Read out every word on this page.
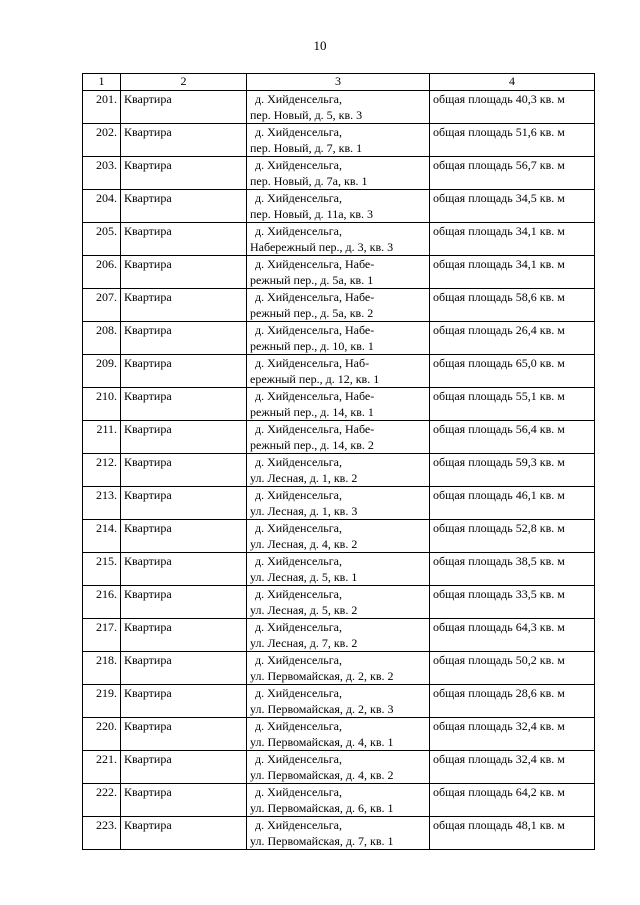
10
1	2	3	4
201.	Квартира	д. Хийденсельга,
пер. Новый, д. 5, кв. 3	общая площадь 40,3 кв. м
202.	Квартира	д. Хийденсельга,
пер. Новый, д. 7, кв. 1	общая площадь 51,6 кв. м
203.	Квартира	д. Хийденсельга,
пер. Новый, д. 7а, кв. 1	общая площадь 56,7 кв. м
204.	Квартира	д. Хийденсельга,
пер. Новый, д. 11а, кв. 3	общая площадь 34,5 кв. м
205.	Квартира	д. Хийденсельга,
Набережный пер., д. 3, кв. 3	общая площадь 34,1 кв. м
206.	Квартира	д. Хийденсельга, Набе-
режный пер., д. 5а, кв. 1	общая площадь 34,1 кв. м
207.	Квартира	д. Хийденсельга, Набе-
режный пер., д. 5а, кв. 2	общая площадь 58,6 кв. м
208.	Квартира	д. Хийденсельга, Набе-
режный пер., д. 10, кв. 1	общая площадь 26,4 кв. м
209.	Квартира	д. Хийденсельга, Наб-
ережный пер., д. 12, кв. 1	общая площадь 65,0 кв. м
210.	Квартира	д. Хийденсельга, Набе-
режный пер., д. 14, кв. 1	общая площадь 55,1 кв. м
211.	Квартира	д. Хийденсельга, Набе-
режный пер., д. 14, кв. 2	общая площадь 56,4 кв. м
212.	Квартира	д. Хийденсельга,
ул. Лесная, д. 1, кв. 2	общая площадь 59,3 кв. м
213.	Квартира	д. Хийденсельга,
ул. Лесная, д. 1, кв. 3	общая площадь 46,1 кв. м
214.	Квартира	д. Хийденсельга,
ул. Лесная, д. 4, кв. 2	общая площадь 52,8 кв. м
215.	Квартира	д. Хийденсельга,
ул. Лесная, д. 5, кв. 1	общая площадь 38,5 кв. м
216.	Квартира	д. Хийденсельга,
ул. Лесная, д. 5, кв. 2	общая площадь 33,5 кв. м
217.	Квартира	д. Хийденсельга,
ул. Лесная, д. 7, кв. 2	общая площадь 64,3 кв. м
218.	Квартира	д. Хийденсельга,
ул. Первомайская, д. 2, кв. 2	общая площадь 50,2 кв. м
219.	Квартира	д. Хийденсельга,
ул. Первомайская, д. 2, кв. 3	общая площадь 28,6 кв. м
220.	Квартира	д. Хийденсельга,
ул. Первомайская, д. 4, кв. 1	общая площадь 32,4 кв. м
221.	Квартира	д. Хийденсельга,
ул. Первомайская, д. 4, кв. 2	общая площадь 32,4 кв. м
222.	Квартира	д. Хийденсельга,
ул. Первомайская, д. 6, кв. 1	общая площадь 64,2 кв. м
223.	Квартира	д. Хийденсельга,
ул. Первомайская, д. 7, кв. 1	общая площадь 48,1 кв. м
